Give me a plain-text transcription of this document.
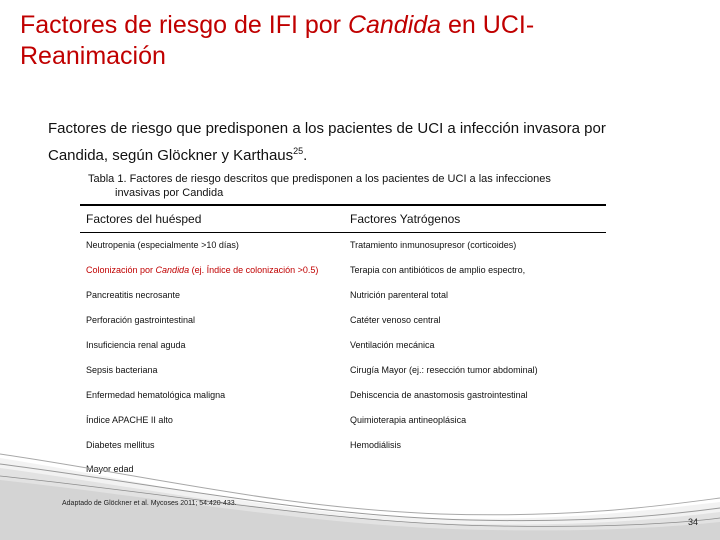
Factores de riesgo de IFI por Candida en UCI-Reanimación

Factores de riesgo que predisponen a los pacientes de UCI a infección invasora por Candida, según Glöckner y Karthaus$^{25}$.

Tabla 1. Factores de riesgo descritos que predisponen a los pacientes de UCI a las infecciones
invasivas por Candida
Factores del huésped	Factores Yatrógenos
Neutropenia (especialmente >10 días)	Tratamiento inmunosupresor (corticoides)
Colonización por Candida (ej. Índice de colonización >0.5)	Terapia con antibióticos de amplio espectro,
Pancreatitis necrosante	Nutrición parenteral total
Perforación gastrointestinal	Catéter venoso central
Insuficiencia renal aguda	Ventilación mecánica
Sepsis bacteriana	Cirugía Mayor (ej.: resección tumor abdominal)
Enfermedad hematológica maligna	Dehiscencia de anastomosis gastrointestinal
Índice APACHE II alto	Quimioterapia antineoplásica
Diabetes mellitus	Hemodiálisis
Mayor edad	
Adaptado de Glöckner et al. Mycoses 2011; 54:420-433.
34
